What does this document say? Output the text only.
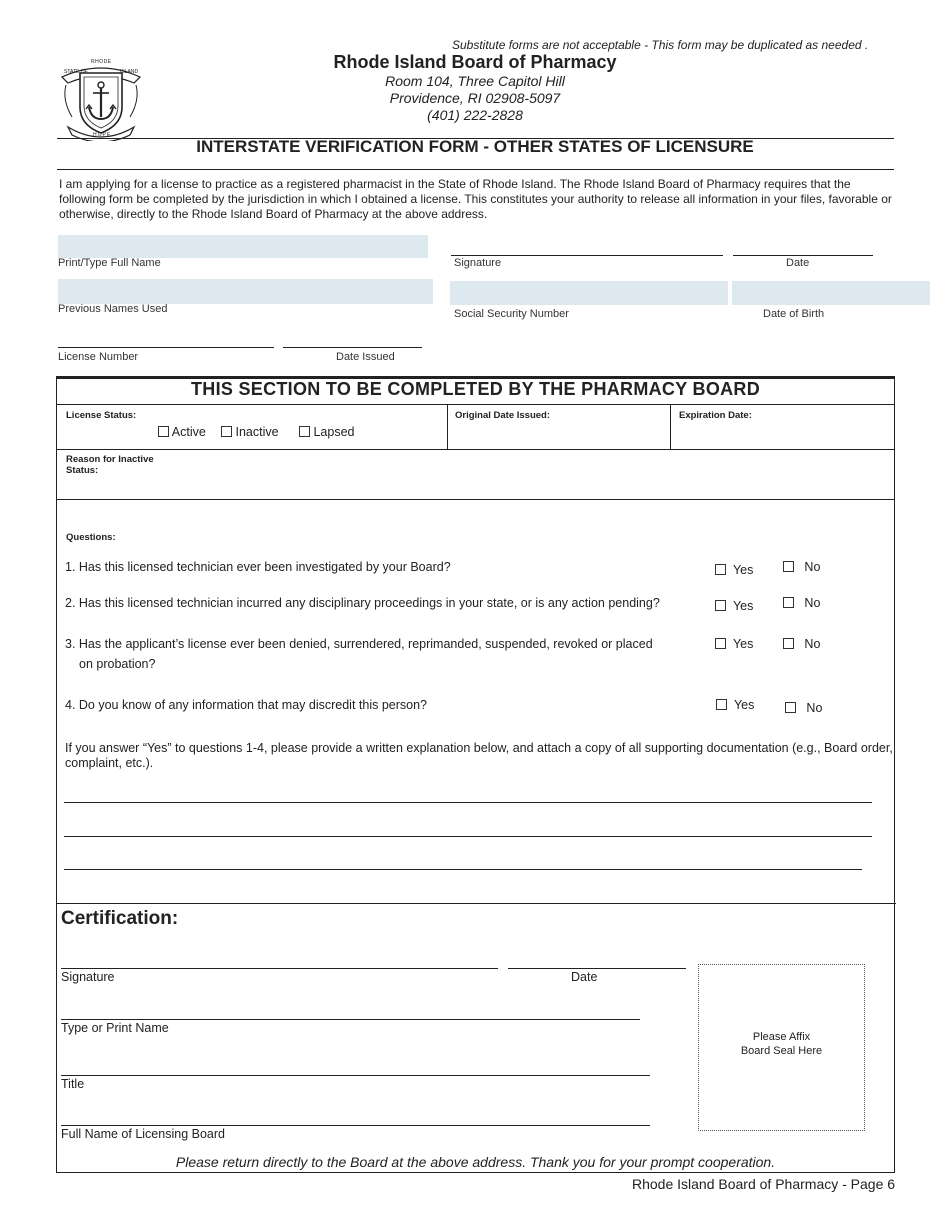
RHODE
STATE OF	ISLAND
HOPE
Substitute forms are not acceptable - This form may be duplicated as needed .
Rhode Island Board of Pharmacy
Room 104, Three Capitol Hill
Providence, RI 02908-5097
(401) 222-2828
INTERSTATE VERIFICATION FORM - OTHER STATES OF LICENSURE
I am applying for a license to practice as a registered pharmacist in the State of Rhode Island. The Rhode Island Board of Pharmacy requires that the following form be completed by the jurisdiction in which I obtained a license. This constitutes your authority to release all information in your files, favorable or otherwise, directly to the Rhode Island Board of Pharmacy at the above address.
Print/Type Full Name	Signature	Date
Previous Names Used	Social Security Number	Date of Birth
License Number	Date Issued
THIS SECTION TO BE COMPLETED BY THE PHARMACY BOARD
License Status:
Active	Inactive	Lapsed
Original Date Issued:	Expiration Date:
Reason for Inactive
Status:
Questions:
1. Has this licensed technician ever been investigated by your Board?	Yes	No
2. Has this licensed technician incurred any disciplinary proceedings in your state, or is any action pending?	Yes	No
3. Has the applicant’s license ever been denied, surrendered, reprimanded, suspended, revoked or placed
on probation?
Yes	No
4. Do you know of any information that may discredit this person?	Yes	No
If you answer “Yes” to questions 1-4, please provide a written explanation below, and attach a copy of all supporting documentation (e.g., Board order, complaint, etc.).
Certification:
Signature	Date
Type or Print Name
Title
Full Name of Licensing Board
Please Affix
Board Seal Here
Please return directly to the Board at the above address. Thank you for your prompt cooperation.
Rhode Island Board of Pharmacy - Page 6
